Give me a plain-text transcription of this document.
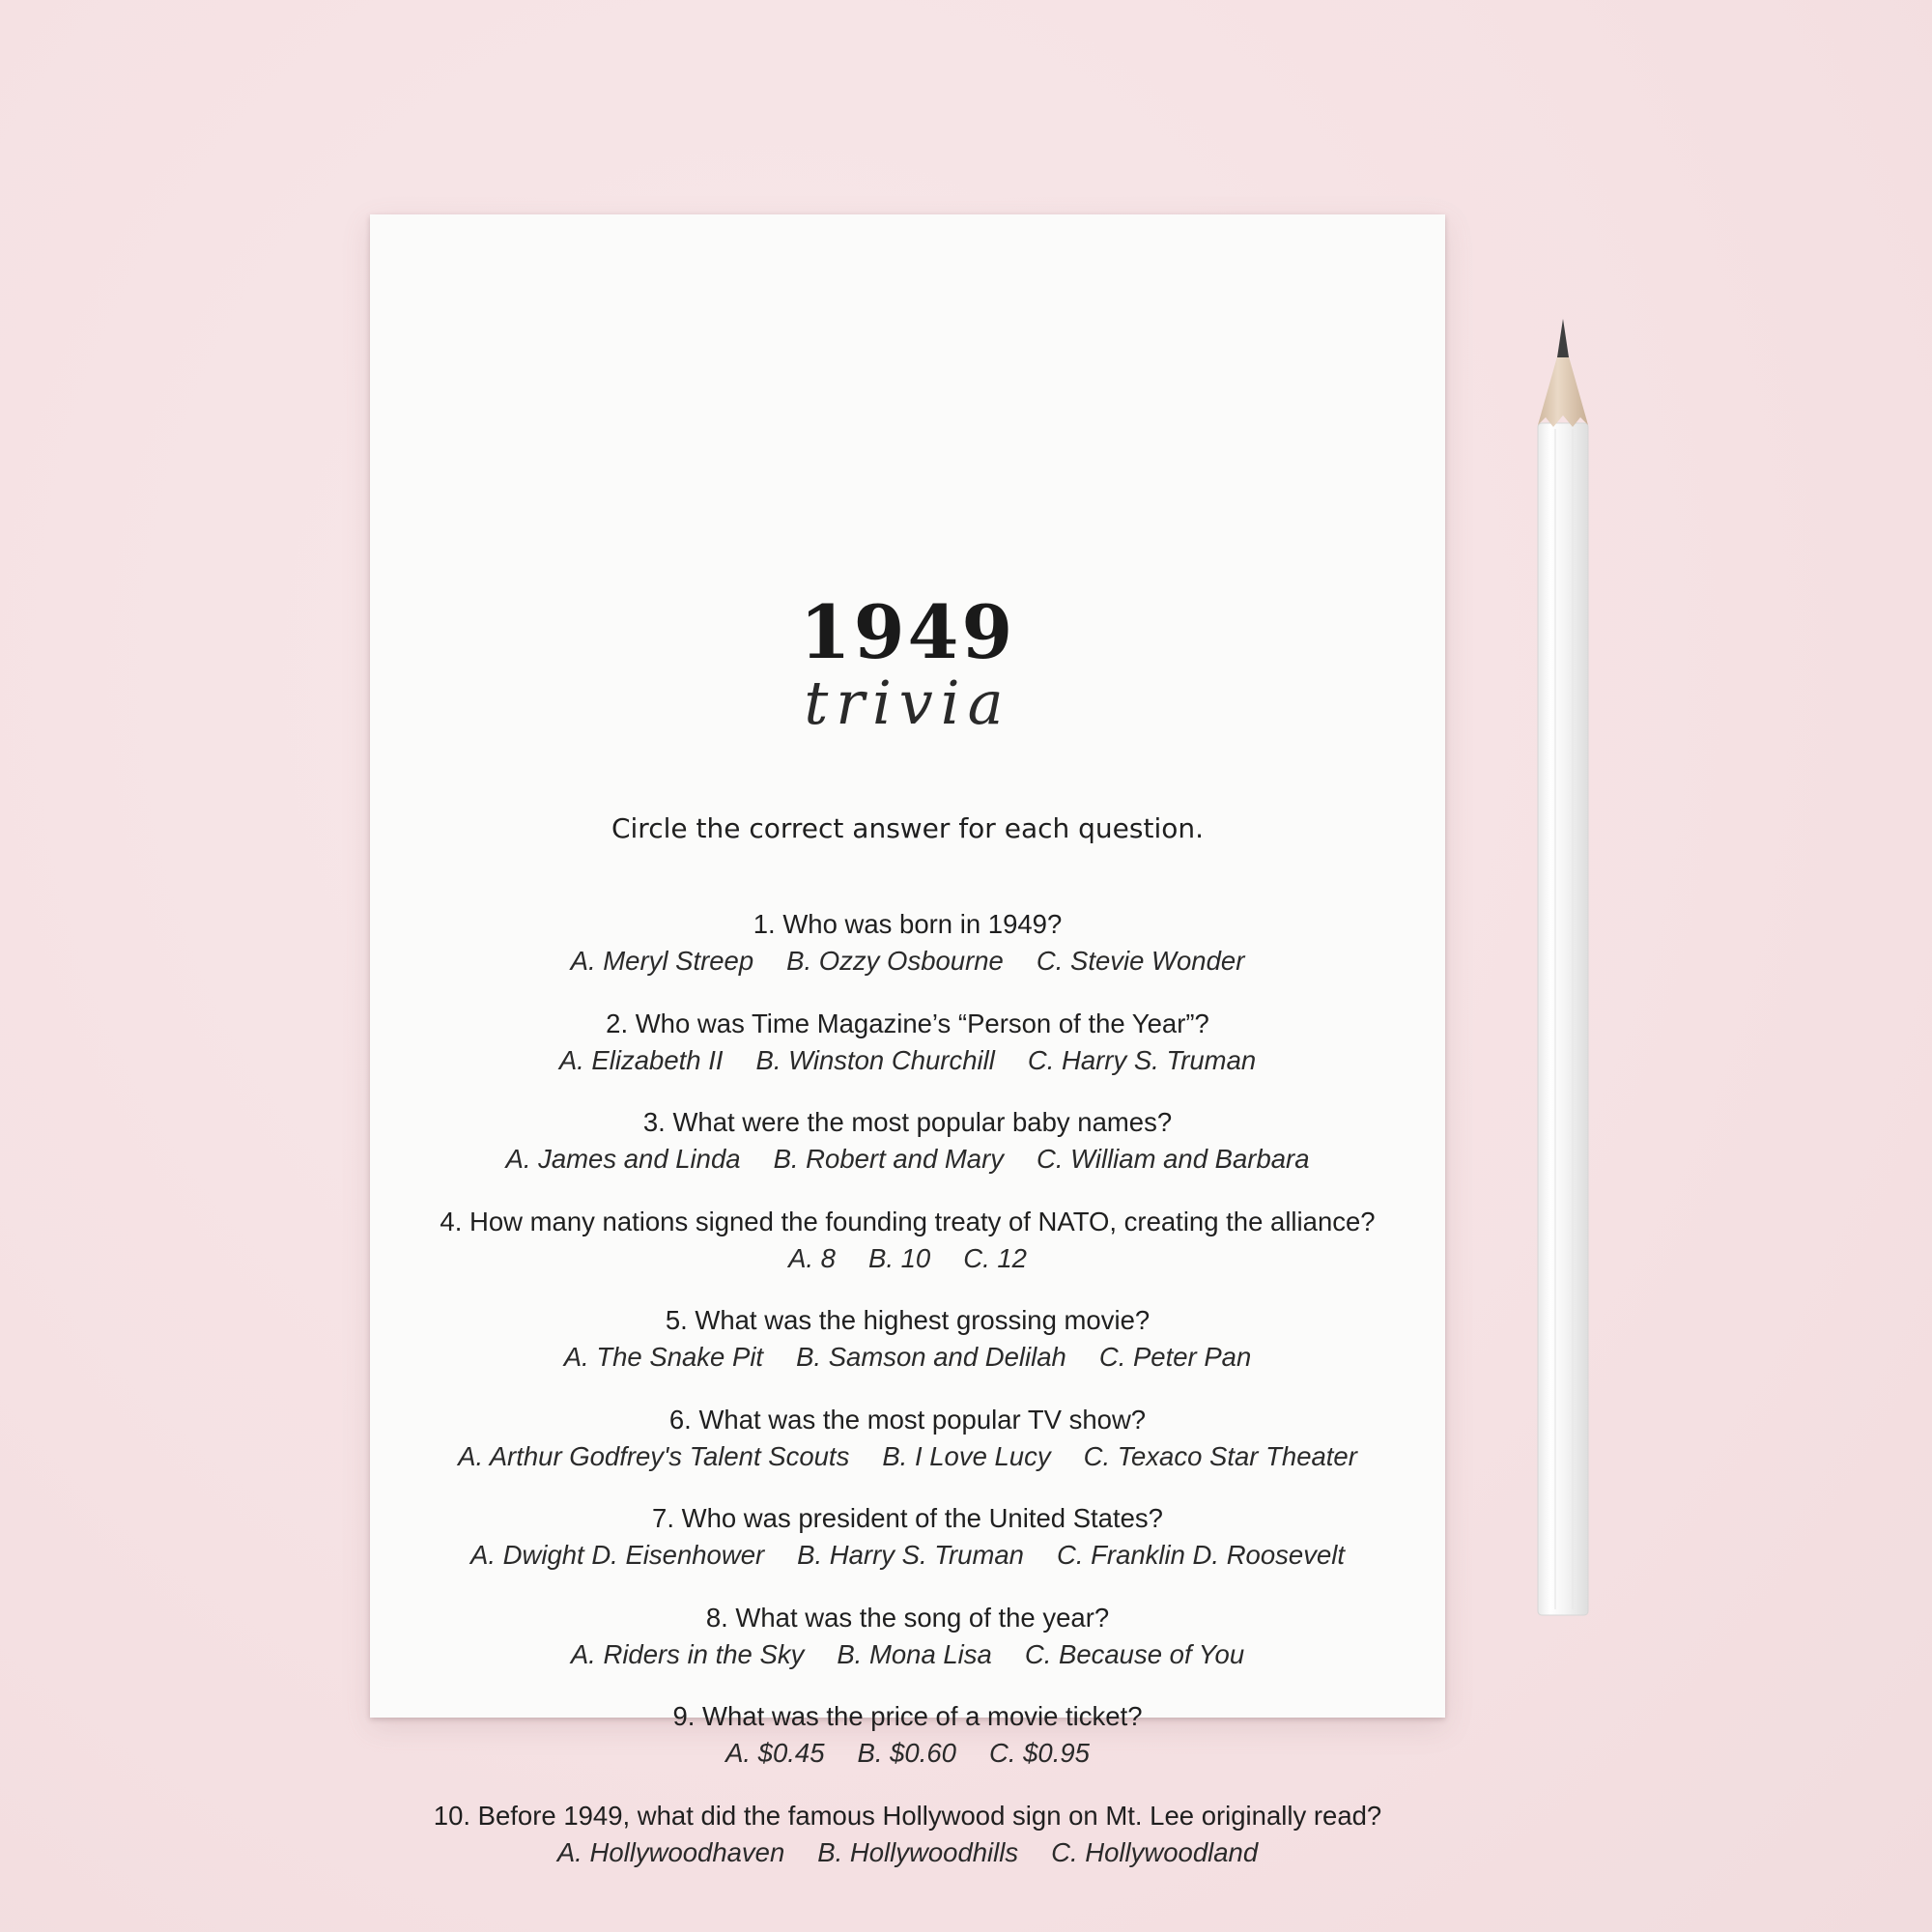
1949
trivia

Circle the correct answer for each question.

1. Who was born in 1949?
A. Meryl Streep B. Ozzy Osbourne C. Stevie Wonder
2. Who was Time Magazine’s “Person of the Year”?
A. Elizabeth II B. Winston Churchill C. Harry S. Truman
3. What were the most popular baby names?
A. James and Linda B. Robert and Mary C. William and Barbara
4. How many nations signed the founding treaty of NATO, creating the alliance?
A. 8 B. 10 C. 12
5. What was the highest grossing movie?
A. The Snake Pit B. Samson and Delilah C. Peter Pan
6. What was the most popular TV show?
A. Arthur Godfrey's Talent Scouts B. I Love Lucy C. Texaco Star Theater
7. Who was president of the United States?
A. Dwight D. Eisenhower B. Harry S. Truman C. Franklin D. Roosevelt
8. What was the song of the year?
A. Riders in the Sky B. Mona Lisa C. Because of You
9. What was the price of a movie ticket?
A. $0.45 B. $0.60 C. $0.95
10. Before 1949, what did the famous Hollywood sign on Mt. Lee originally read?
A. Hollywoodhaven B. Hollywoodhills C. Hollywoodland
